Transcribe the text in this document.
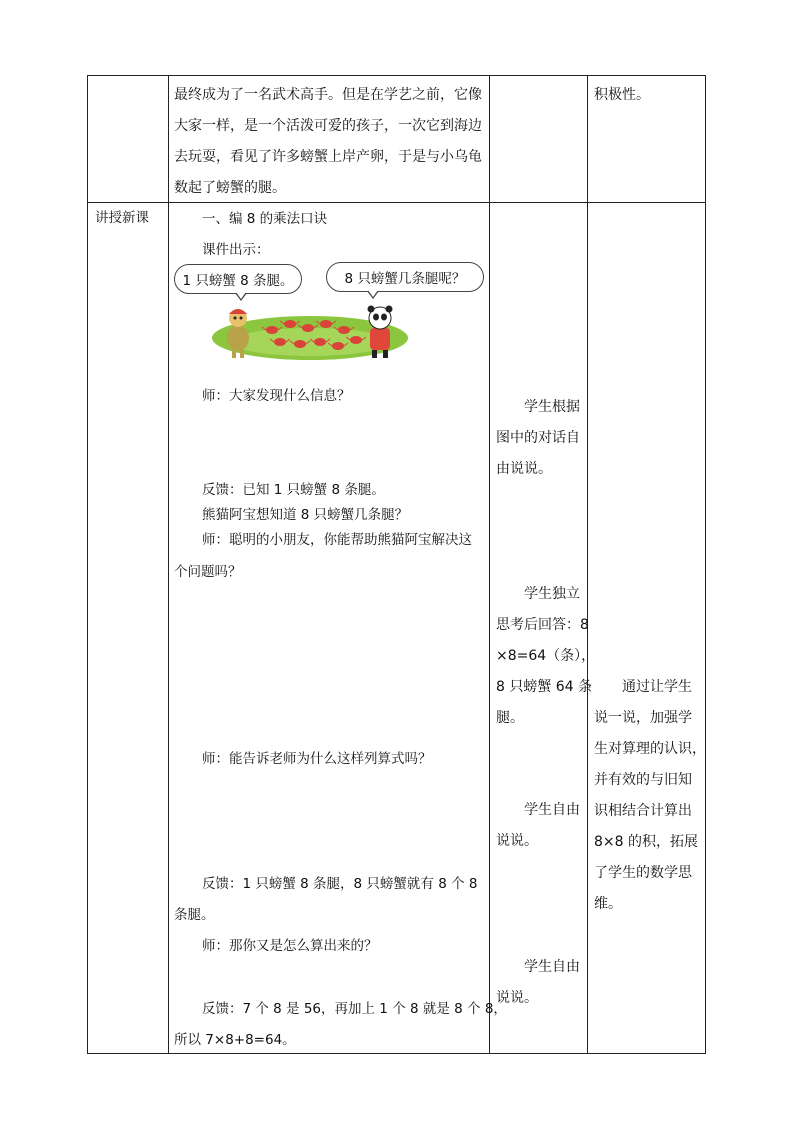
最终成为了一名武术高手。但是在学艺之前，它像
大家一样，是一个活泼可爱的孩子，一次它到海边
去玩耍，看见了许多螃蟹上岸产卵，于是与小乌龟
数起了螃蟹的腿。
积极性。
讲授新课	一、编 8 的乘法口诀
课件出示：
1 只螃蟹 8 条腿。	8 只螃蟹几条腿呢？
师：大家发现什么信息？
反馈：已知 1 只螃蟹 8 条腿。
熊猫阿宝想知道 8 只螃蟹几条腿？
师：聪明的小朋友，你能帮助熊猫阿宝解决这
个问题吗？
师：能告诉老师为什么这样列算式吗？
反馈：1 只螃蟹 8 条腿，8 只螃蟹就有 8 个 8
条腿。
师：那你又是怎么算出来的？
反馈：7 个 8 是 56，再加上 1 个 8 就是 8 个 8，
所以 7×8+8=64。
学生根据
图中的对话自
由说说。
学生独立
思考后回答：8
×8=64（条），
8 只螃蟹 64 条
腿。
学生自由
说说。
学生自由
说说。
通过让学生
说一说，加强学
生对算理的认识，
并有效的与旧知
识相结合计算出
8×8 的积，拓展
了学生的数学思
维。
